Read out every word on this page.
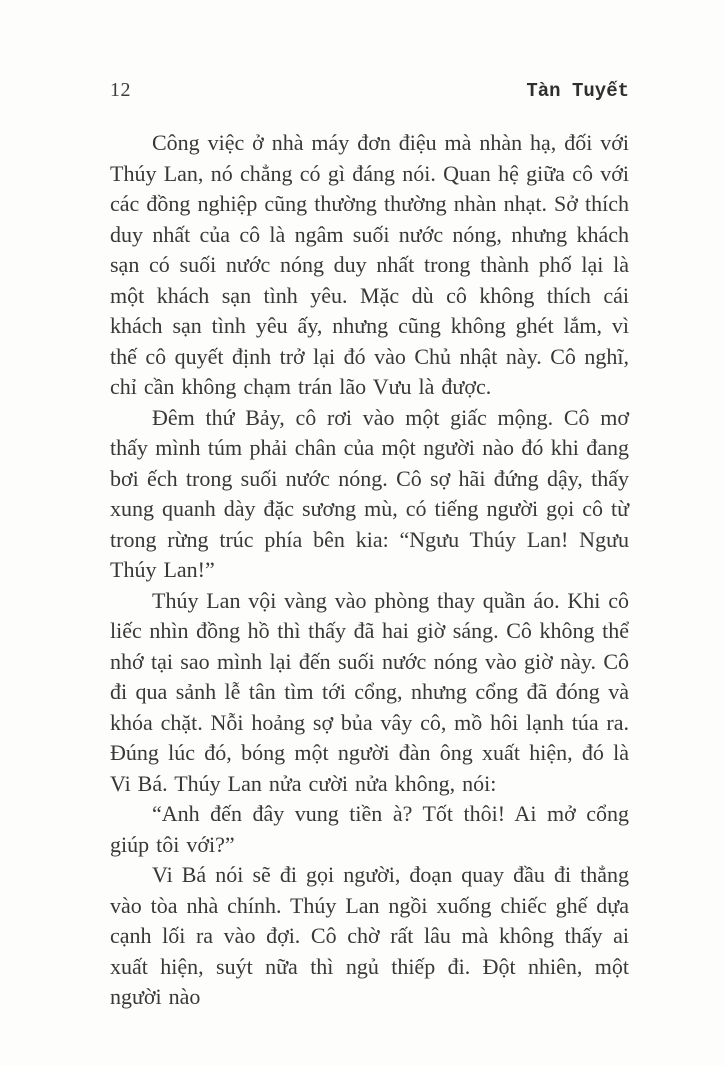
12	Tàn Tuyết

Công việc ở nhà máy đơn điệu mà nhàn hạ, đối với Thúy Lan, nó chẳng có gì đáng nói. Quan hệ giữa cô với các đồng nghiệp cũng thường thường nhàn nhạt. Sở thích duy nhất của cô là ngâm suối nước nóng, nhưng khách sạn có suối nước nóng duy nhất trong thành phố lại là một khách sạn tình yêu. Mặc dù cô không thích cái khách sạn tình yêu ấy, nhưng cũng không ghét lắm, vì thế cô quyết định trở lại đó vào Chủ nhật này. Cô nghĩ, chỉ cần không chạm trán lão Vưu là được.

Đêm thứ Bảy, cô rơi vào một giấc mộng. Cô mơ thấy mình túm phải chân của một người nào đó khi đang bơi ếch trong suối nước nóng. Cô sợ hãi đứng dậy, thấy xung quanh dày đặc sương mù, có tiếng người gọi cô từ trong rừng trúc phía bên kia: “Ngưu Thúy Lan! Ngưu Thúy Lan!”

Thúy Lan vội vàng vào phòng thay quần áo. Khi cô liếc nhìn đồng hồ thì thấy đã hai giờ sáng. Cô không thể nhớ tại sao mình lại đến suối nước nóng vào giờ này. Cô đi qua sảnh lễ tân tìm tới cổng, nhưng cổng đã đóng và khóa chặt. Nỗi hoảng sợ bủa vây cô, mồ hôi lạnh túa ra. Đúng lúc đó, bóng một người đàn ông xuất hiện, đó là Vi Bá. Thúy Lan nửa cười nửa không, nói:

“Anh đến đây vung tiền à? Tốt thôi! Ai mở cổng giúp tôi với?”

Vi Bá nói sẽ đi gọi người, đoạn quay đầu đi thẳng vào tòa nhà chính. Thúy Lan ngồi xuống chiếc ghế dựa cạnh lối ra vào đợi. Cô chờ rất lâu mà không thấy ai xuất hiện, suýt nữa thì ngủ thiếp đi. Đột nhiên, một người nào
